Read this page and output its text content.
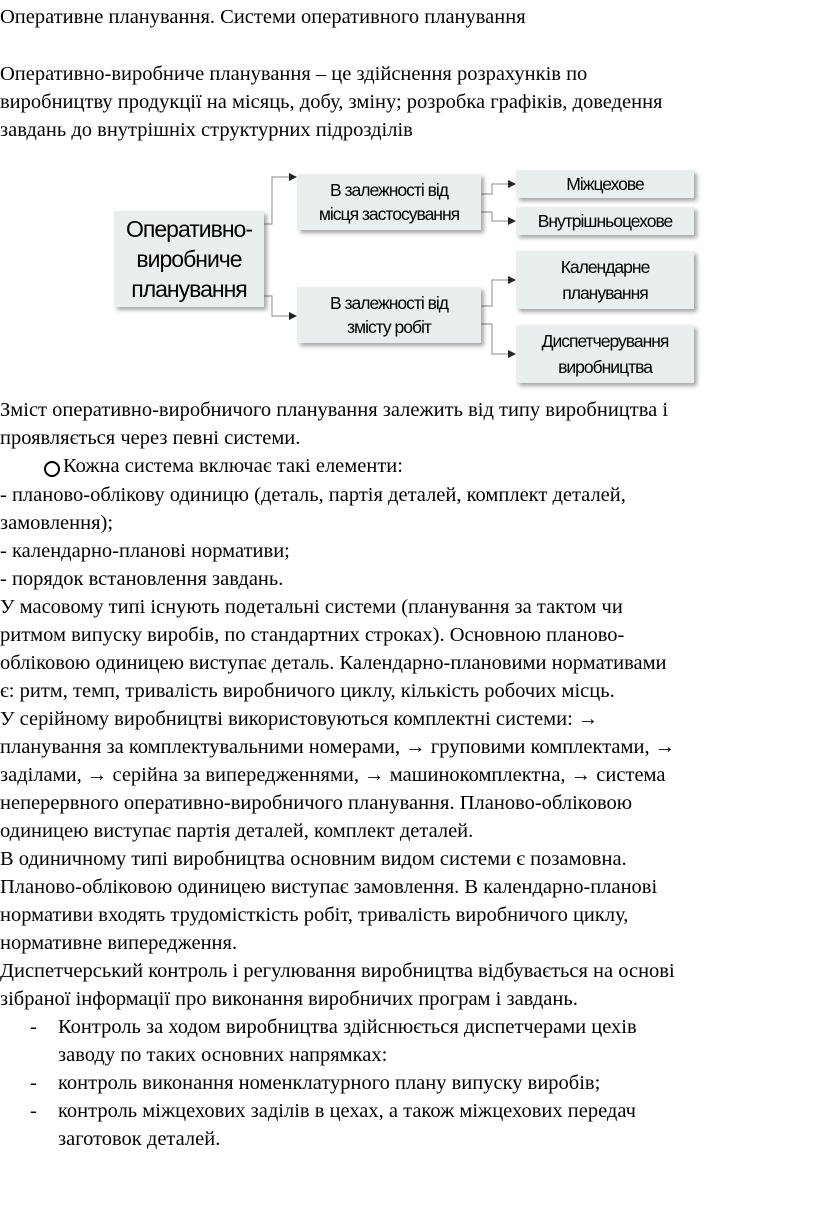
Оперативне планування. Системи оперативного планування
Оперативно-виробниче планування – це здійснення розрахунків по
виробництву продукції на місяць, добу, зміну; розробка графіків, доведення
завдань до внутрішніх структурних підрозділів
Оперативно-
виробниче
планування
В залежності від
місця застосування
В залежності від
змісту робіт
Міжцехове
Внутрішньоцехове
Календарне
планування
Диспетчерування
виробництва
Зміст оперативно-виробничого планування залежить від типу виробництва і
проявляється через певні системи.
Кожна система включає такі елементи:
- планово-облікову одиницю (деталь, партія деталей, комплект деталей,
замовлення);
- календарно-планові нормативи;
- порядок встановлення завдань.
У масовому типі існують подетальні системи (планування за тактом чи
ритмом випуску виробів, по стандартних строках). Основною планово-
обліковою одиницею виступає деталь. Календарно-плановими нормативами
є: ритм, темп, тривалість виробничого циклу, кількість робочих місць.
У серійному виробництві використовуються комплектні системи: →
планування за комплектувальними номерами, → груповими комплектами, →
заділами, → серійна за випередженнями, → машинокомплектна, → система
неперервного оперативно-виробничого планування. Планово-обліковою
одиницею виступає партія деталей, комплект деталей.
В одиничному типі виробництва основним видом системи є позамовна.
Планово-обліковою одиницею виступає замовлення. В календарно-планові
нормативи входять трудомісткість робіт, тривалість виробничого циклу,
нормативне випередження.
Диспетчерський контроль і регулювання виробництва відбувається на основі
зібраної інформації про виконання виробничих програм і завдань.
- Контроль за ходом виробництва здійснюється диспетчерами цехів
заводу по таких основних напрямках:
- контроль виконання номенклатурного плану випуску виробів;
- контроль міжцехових заділів в цехах, а також міжцехових передач
заготовок деталей.
